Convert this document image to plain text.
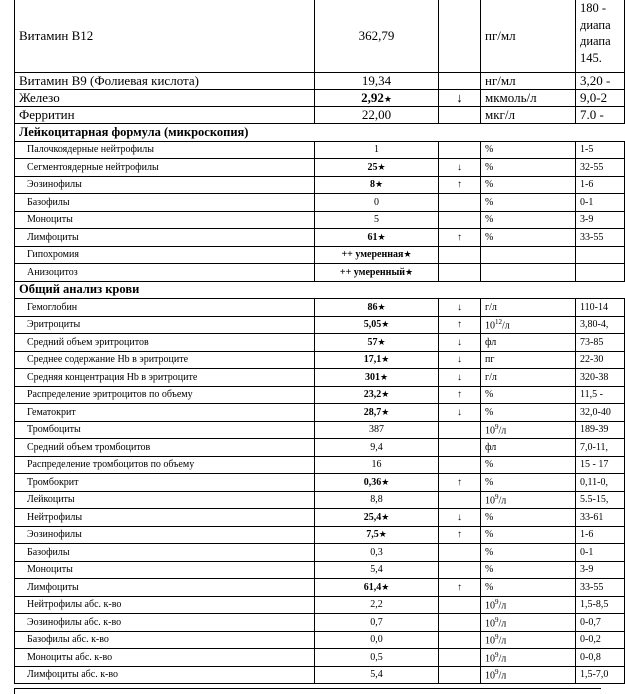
Витамин В12	362,79		пг/мл	180 -
диапа
диапа
145.

Витамин В9 (Фолиевая кислота)	19,34		нг/мл	3,20 -
Железо	2,92★	↓	мкмоль/л	9,0-2
Ферритин	22,00		мкг/л	7.0 -
Лейкоцитарная формула (микроскопия)				
Палочкоядерные нейтрофилы	1		%	1-5
Сегментоядерные нейтрофилы	25★	↓	%	32-55
Эозинофилы	8★	↑	%	1-6
Базофилы	0		%	0-1
Моноциты	5		%	3-9
Лимфоциты	61★	↑	%	33-55
Гипохромия	++ умеренная★			
Анизоцитоз	++ умеренный★			
Общий анализ крови				
Гемоглобин	86★	↓	г/л	110-14
Эритроциты	5,05★	↑	$10^{12}/л$	3,80-4,
Средний объем эритроцитов	57★	↓	фл	73-85
Среднее содержание Hb в эритроците	17,1★	↓	пг	22-30
Средняя концентрация Hb в эритроците	301★	↓	г/л	320-38
Распределение эритроцитов по объему	23,2★	↑	%	11,5 -
Гематокрит	28,7★	↓	%	32,0-40
Тромбоциты	387		$10^9/л$	189-39
Средний объем тромбоцитов	9,4		фл	7,0-11,
Распределение тромбоцитов по объему	16		%	15 - 17
Тромбокрит	0,36★	↑	%	0,11-0,
Лейкоциты	8,8		$10^9/л$	5.5-15,
Нейтрофилы	25,4★	↓	%	33-61
Эозинофилы	7,5★	↑	%	1-6
Базофилы	0,3		%	0-1
Моноциты	5,4		%	3-9
Лимфоциты	61,4★	↑	%	33-55
Нейтрофилы абс. к-во	2,2		$10^9/л$	1,5-8,5
Эозинофилы абс. к-во	0,7		$10^9/л$	0-0,7
Базофилы абс. к-во	0,0		$10^9/л$	0-0,2
Моноциты абс. к-во	0,5		$10^9/л$	0-0,8
Лимфоциты абс. к-во	5,4		$10^9/л$	1,5-7,0
